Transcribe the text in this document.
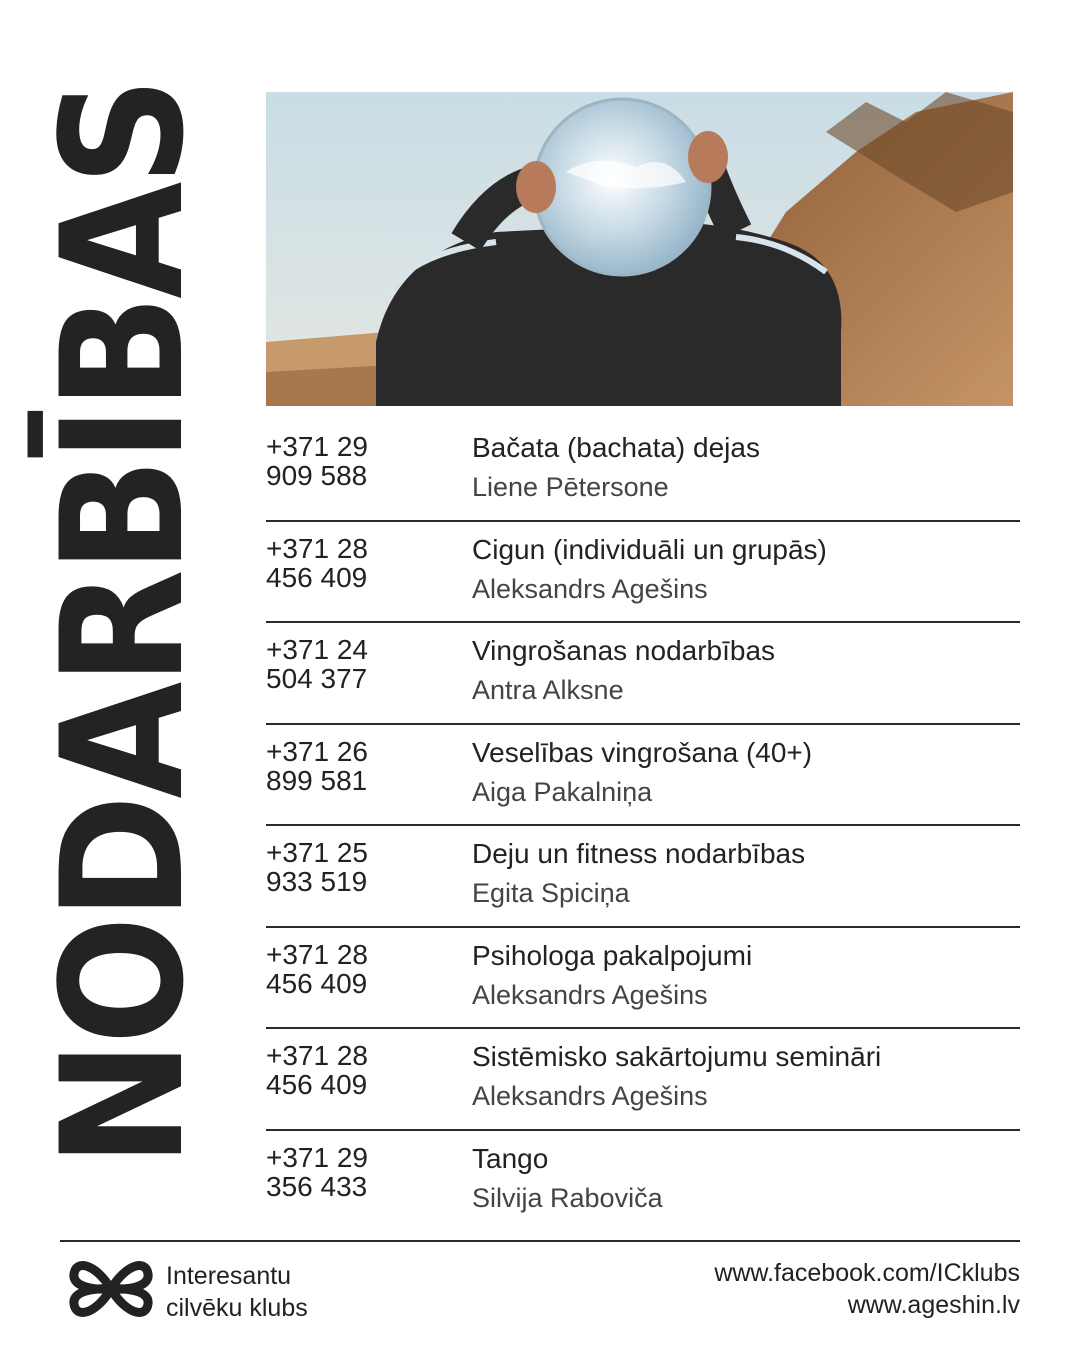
NODARBĪBAS +371 29
909 588
Bačata (bachata) dejas
Liene Pētersone
+371 28
456 409
Cigun (individuāli un grupās)
Aleksandrs Agešins
+371 24
504 377
Vingrošanas nodarbības
Antra Alksne
+371 26
899 581
Veselības vingrošana (40+)
Aiga Pakalniņa
+371 25
933 519
Deju un fitness nodarbības
Egita Spiciņa
+371 28
456 409
Psihologa pakalpojumi
Aleksandrs Agešins
+371 28
456 409
Sistēmisko sakārtojumu semināri
Aleksandrs Agešins
+371 29
356 433
Tango
Silvija Raboviča
Interesantu
cilvēku klubs
www.facebook.com/ICklubs
www.ageshin.lv
